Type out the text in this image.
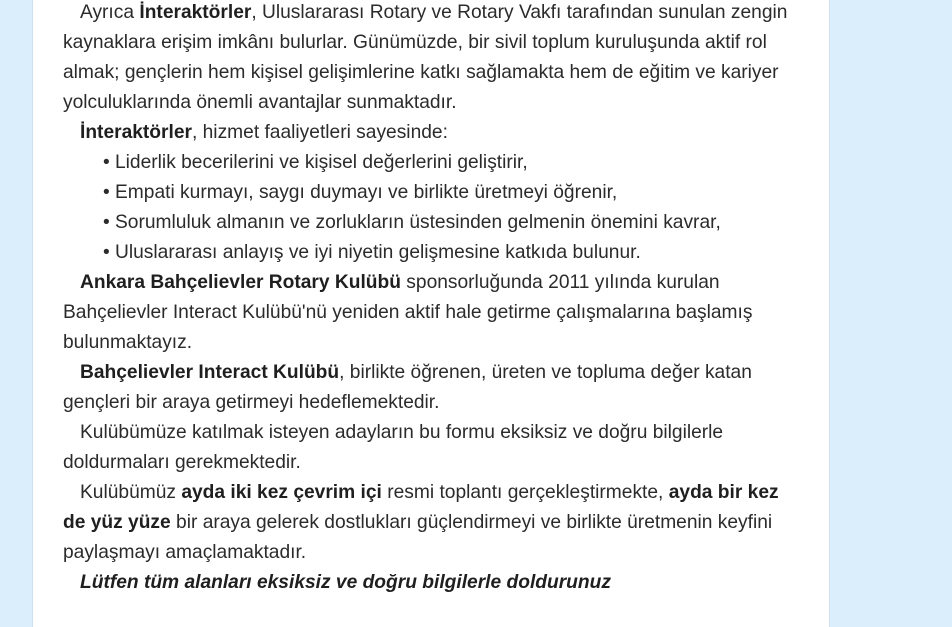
Ayrıca İnteraktörler, Uluslararası Rotary ve Rotary Vakfı tarafından sunulan zengin kaynaklara erişim imkânı bulurlar. Günümüzde, bir sivil toplum kuruluşunda aktif rol almak; gençlerin hem kişisel gelişimlerine katkı sağlamakta hem de eğitim ve kariyer yolculuklarında önemli avantajlar sunmaktadır.

İnteraktörler, hizmet faaliyetleri sayesinde:

• Liderlik becerilerini ve kişisel değerlerini geliştirir,
• Empati kurmayı, saygı duymayı ve birlikte üretmeyi öğrenir,
• Sorumluluk almanın ve zorlukların üstesinden gelmenin önemini kavrar,
• Uluslararası anlayış ve iyi niyetin gelişmesine katkıda bulunur.

Ankara Bahçelievler Rotary Kulübü sponsorluğunda 2011 yılında kurulan Bahçelievler Interact Kulübü'nü yeniden aktif hale getirme çalışmalarına başlamış bulunmaktayız.

Bahçelievler Interact Kulübü, birlikte öğrenen, üreten ve topluma değer katan gençleri bir araya getirmeyi hedeflemektedir.

Kulübümüze katılmak isteyen adayların bu formu eksiksiz ve doğru bilgilerle doldurmaları gerekmektedir.

Kulübümüz ayda iki kez çevrim içi resmi toplantı gerçekleştirmekte, ayda bir kez de yüz yüze bir araya gelerek dostlukları güçlendirmeyi ve birlikte üretmenin keyfini paylaşmayı amaçlamaktadır.

Lütfen tüm alanları eksiksiz ve doğru bilgilerle doldurunuz
